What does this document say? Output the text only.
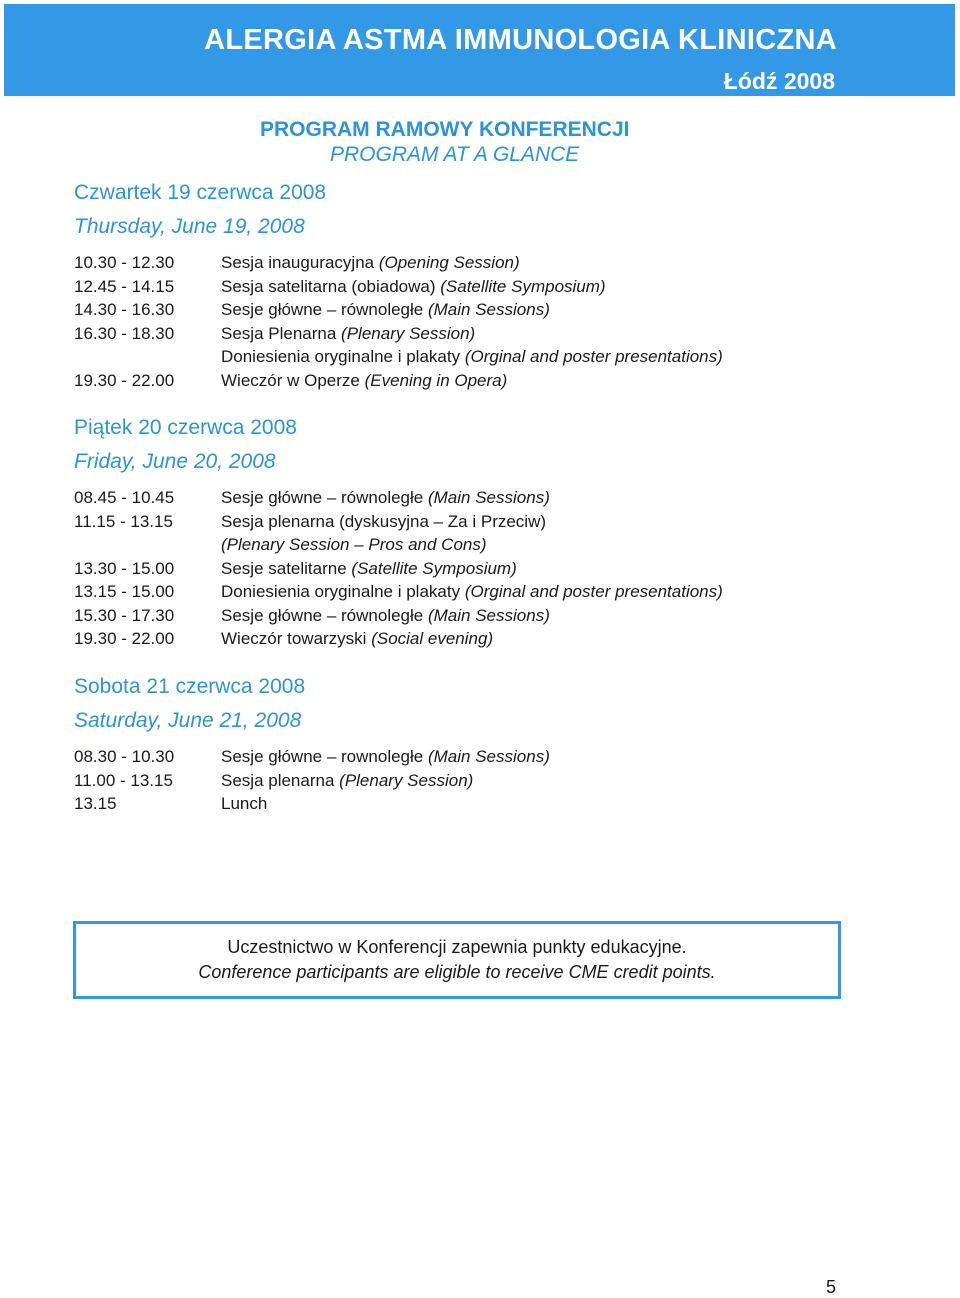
ALERGIA ASTMA IMMUNOLOGIA KLINICZNA
Łódź 2008
PROGRAM RAMOWY KONFERENCJI
PROGRAM AT A GLANCE
Czwartek 19 czerwca 2008
Thursday, June 19, 2008
10.30 - 12.30	Sesja inauguracyjna (Opening Session)
12.45 - 14.15	Sesja satelitarna (obiadowa) (Satellite Symposium)
14.30 - 16.30	Sesje główne – równoległe (Main Sessions)
16.30 - 18.30	Sesja Plenarna (Plenary Session)
Doniesienia oryginalne i plakaty (Orginal and poster presentations)
19.30 - 22.00	Wieczór w Operze (Evening in Opera)
Piątek 20 czerwca 2008
Friday, June 20, 2008
08.45 - 10.45	Sesje główne – równoległe (Main Sessions)
11.15 - 13.15	Sesja plenarna (dyskusyjna – Za i Przeciw)
(Plenary Session – Pros and Cons)
13.30 - 15.00	Sesje satelitarne (Satellite Symposium)
13.15 - 15.00	Doniesienia oryginalne i plakaty (Orginal and poster presentations)
15.30 - 17.30	Sesje główne – równoległe (Main Sessions)
19.30 - 22.00	Wieczór towarzyski (Social evening)
Sobota 21 czerwca 2008
Saturday, June 21, 2008
08.30 - 10.30	Sesje główne – rownoległe (Main Sessions)
11.00 - 13.15	Sesja plenarna (Plenary Session)
13.15	Lunch
Uczestnictwo w Konferencji zapewnia punkty edukacyjne.
Conference participants are eligible to receive CME credit points.
5
